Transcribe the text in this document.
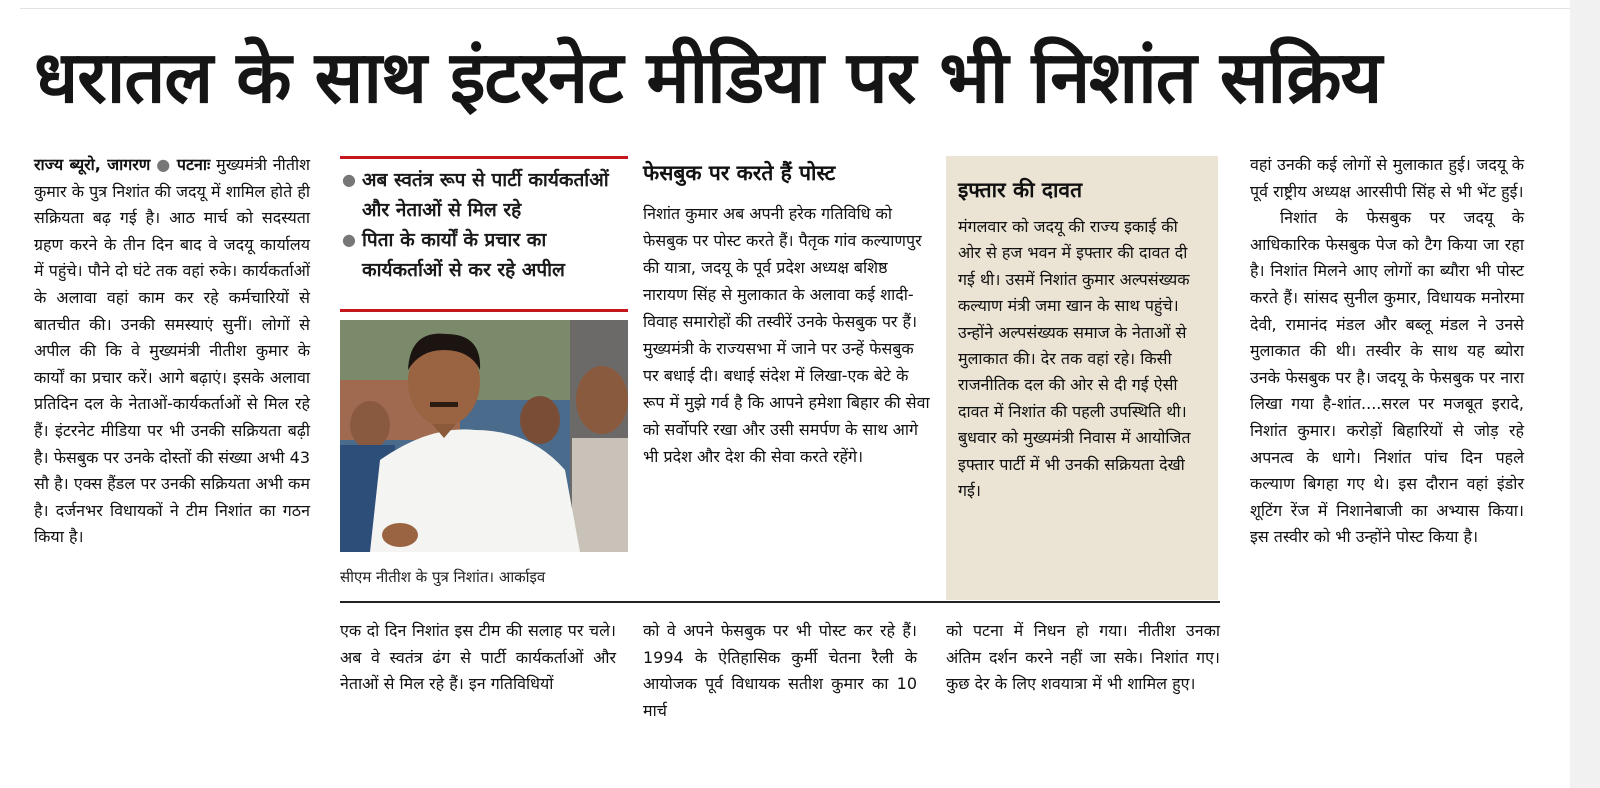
धरातल के साथ इंटरनेट मीडिया पर भी निशांत सक्रिय

राज्य ब्यूरो, जागरण ● पटनाः मुख्यमंत्री नीतीश कुमार के पुत्र निशांत की जदयू में शामिल होते ही सक्रियता बढ़ गई है। आठ मार्च को सदस्यता ग्रहण करने के तीन दिन बाद वे जदयू कार्यालय में पहुंचे। पौने दो घंटे तक वहां रुके। कार्यकर्ताओं के अलावा वहां काम कर रहे कर्मचारियों से बातचीत की। उनकी समस्याएं सुनीं। लोगों से अपील की कि वे मुख्यमंत्री नीतीश कुमार के कार्यों का प्रचार करें। आगे बढ़ाएं। इसके अलावा प्रतिदिन दल के नेताओं-कार्यकर्ताओं से मिल रहे हैं। इंटरनेट मीडिया पर भी उनकी सक्रियता बढ़ी है। फेसबुक पर उनके दोस्तों की संख्या अभी 43 सौ है। एक्स हैंडल पर उनकी सक्रियता अभी कम है। दर्जनभर विधायकों ने टीम निशांत का गठन किया है।

● अब स्वतंत्र रूप से पार्टी कार्यकर्ताओं और नेताओं से मिल रहे
● पिता के कार्यों के प्रचार का कार्यकर्ताओं से कर रहे अपील
सीएम नीतीश के पुत्र निशांत। आर्काइव
फेसबुक पर करते हैं पोस्ट
निशांत कुमार अब अपनी हरेक गतिविधि को फेसबुक पर पोस्ट करते हैं। पैतृक गांव कल्याणपुर की यात्रा, जदयू के पूर्व प्रदेश अध्यक्ष बशिष्ठ नारायण सिंह से मुलाकात के अलावा कई शादी-विवाह समारोहों की तस्वीरें उनके फेसबुक पर हैं। मुख्यमंत्री के राज्यसभा में जाने पर उन्हें फेसबुक पर बधाई दी। बधाई संदेश में लिखा-एक बेटे के रूप में मुझे गर्व है कि आपने हमेशा बिहार की सेवा को सर्वोपरि रखा और उसी समर्पण के साथ आगे भी प्रदेश और देश की सेवा करते रहेंगे।
इफ्तार की दावत
मंगलवार को जदयू की राज्य इकाई की ओर से हज भवन में इफ्तार की दावत दी गई थी। उसमें निशांत कुमार अल्पसंख्यक कल्याण मंत्री जमा खान के साथ पहुंचे। उन्होंने अल्पसंख्यक समाज के नेताओं से मुलाकात की। देर तक वहां रहे। किसी राजनीतिक दल की ओर से दी गई ऐसी दावत में निशांत की पहली उपस्थिति थी। बुधवार को मुख्यमंत्री निवास में आयोजित इफ्तार पार्टी में भी उनकी सक्रियता देखी गई।

वहां उनकी कई लोगों से मुलाकात हुई। जदयू के पूर्व राष्ट्रीय अध्यक्ष आरसीपी सिंह से भी भेंट हुई।

निशांत के फेसबुक पर जदयू के आधिकारिक फेसबुक पेज को टैग किया जा रहा है। निशांत मिलने आए लोगों का ब्यौरा भी पोस्ट करते हैं। सांसद सुनील कुमार, विधायक मनोरमा देवी, रामानंद मंडल और बब्लू मंडल ने उनसे मुलाकात की थी। तस्वीर के साथ यह ब्योरा उनके फेसबुक पर है। जदयू के फेसबुक पर नारा लिखा गया है-शांत....सरल पर मजबूत इरादे, निशांत कुमार। करोड़ों बिहारियों से जोड़ रहे अपनत्व के धागे। निशांत पांच दिन पहले कल्याण बिगहा गए थे। इस दौरान वहां इंडोर शूटिंग रेंज में निशानेबाजी का अभ्यास किया। इस तस्वीर को भी उन्होंने पोस्ट किया है।

एक दो दिन निशांत इस टीम की सलाह पर चले। अब वे स्वतंत्र ढंग से पार्टी कार्यकर्ताओं और नेताओं से मिल रहे हैं। इन गतिविधियों
को वे अपने फेसबुक पर भी पोस्ट कर रहे हैं। 1994 के ऐतिहासिक कुर्मी चेतना रैली के आयोजक पूर्व विधायक सतीश कुमार का 10 मार्च
को पटना में निधन हो गया। नीतीश उनका अंतिम दर्शन करने नहीं जा सके। निशांत गए। कुछ देर के लिए शवयात्रा में भी शामिल हुए।
